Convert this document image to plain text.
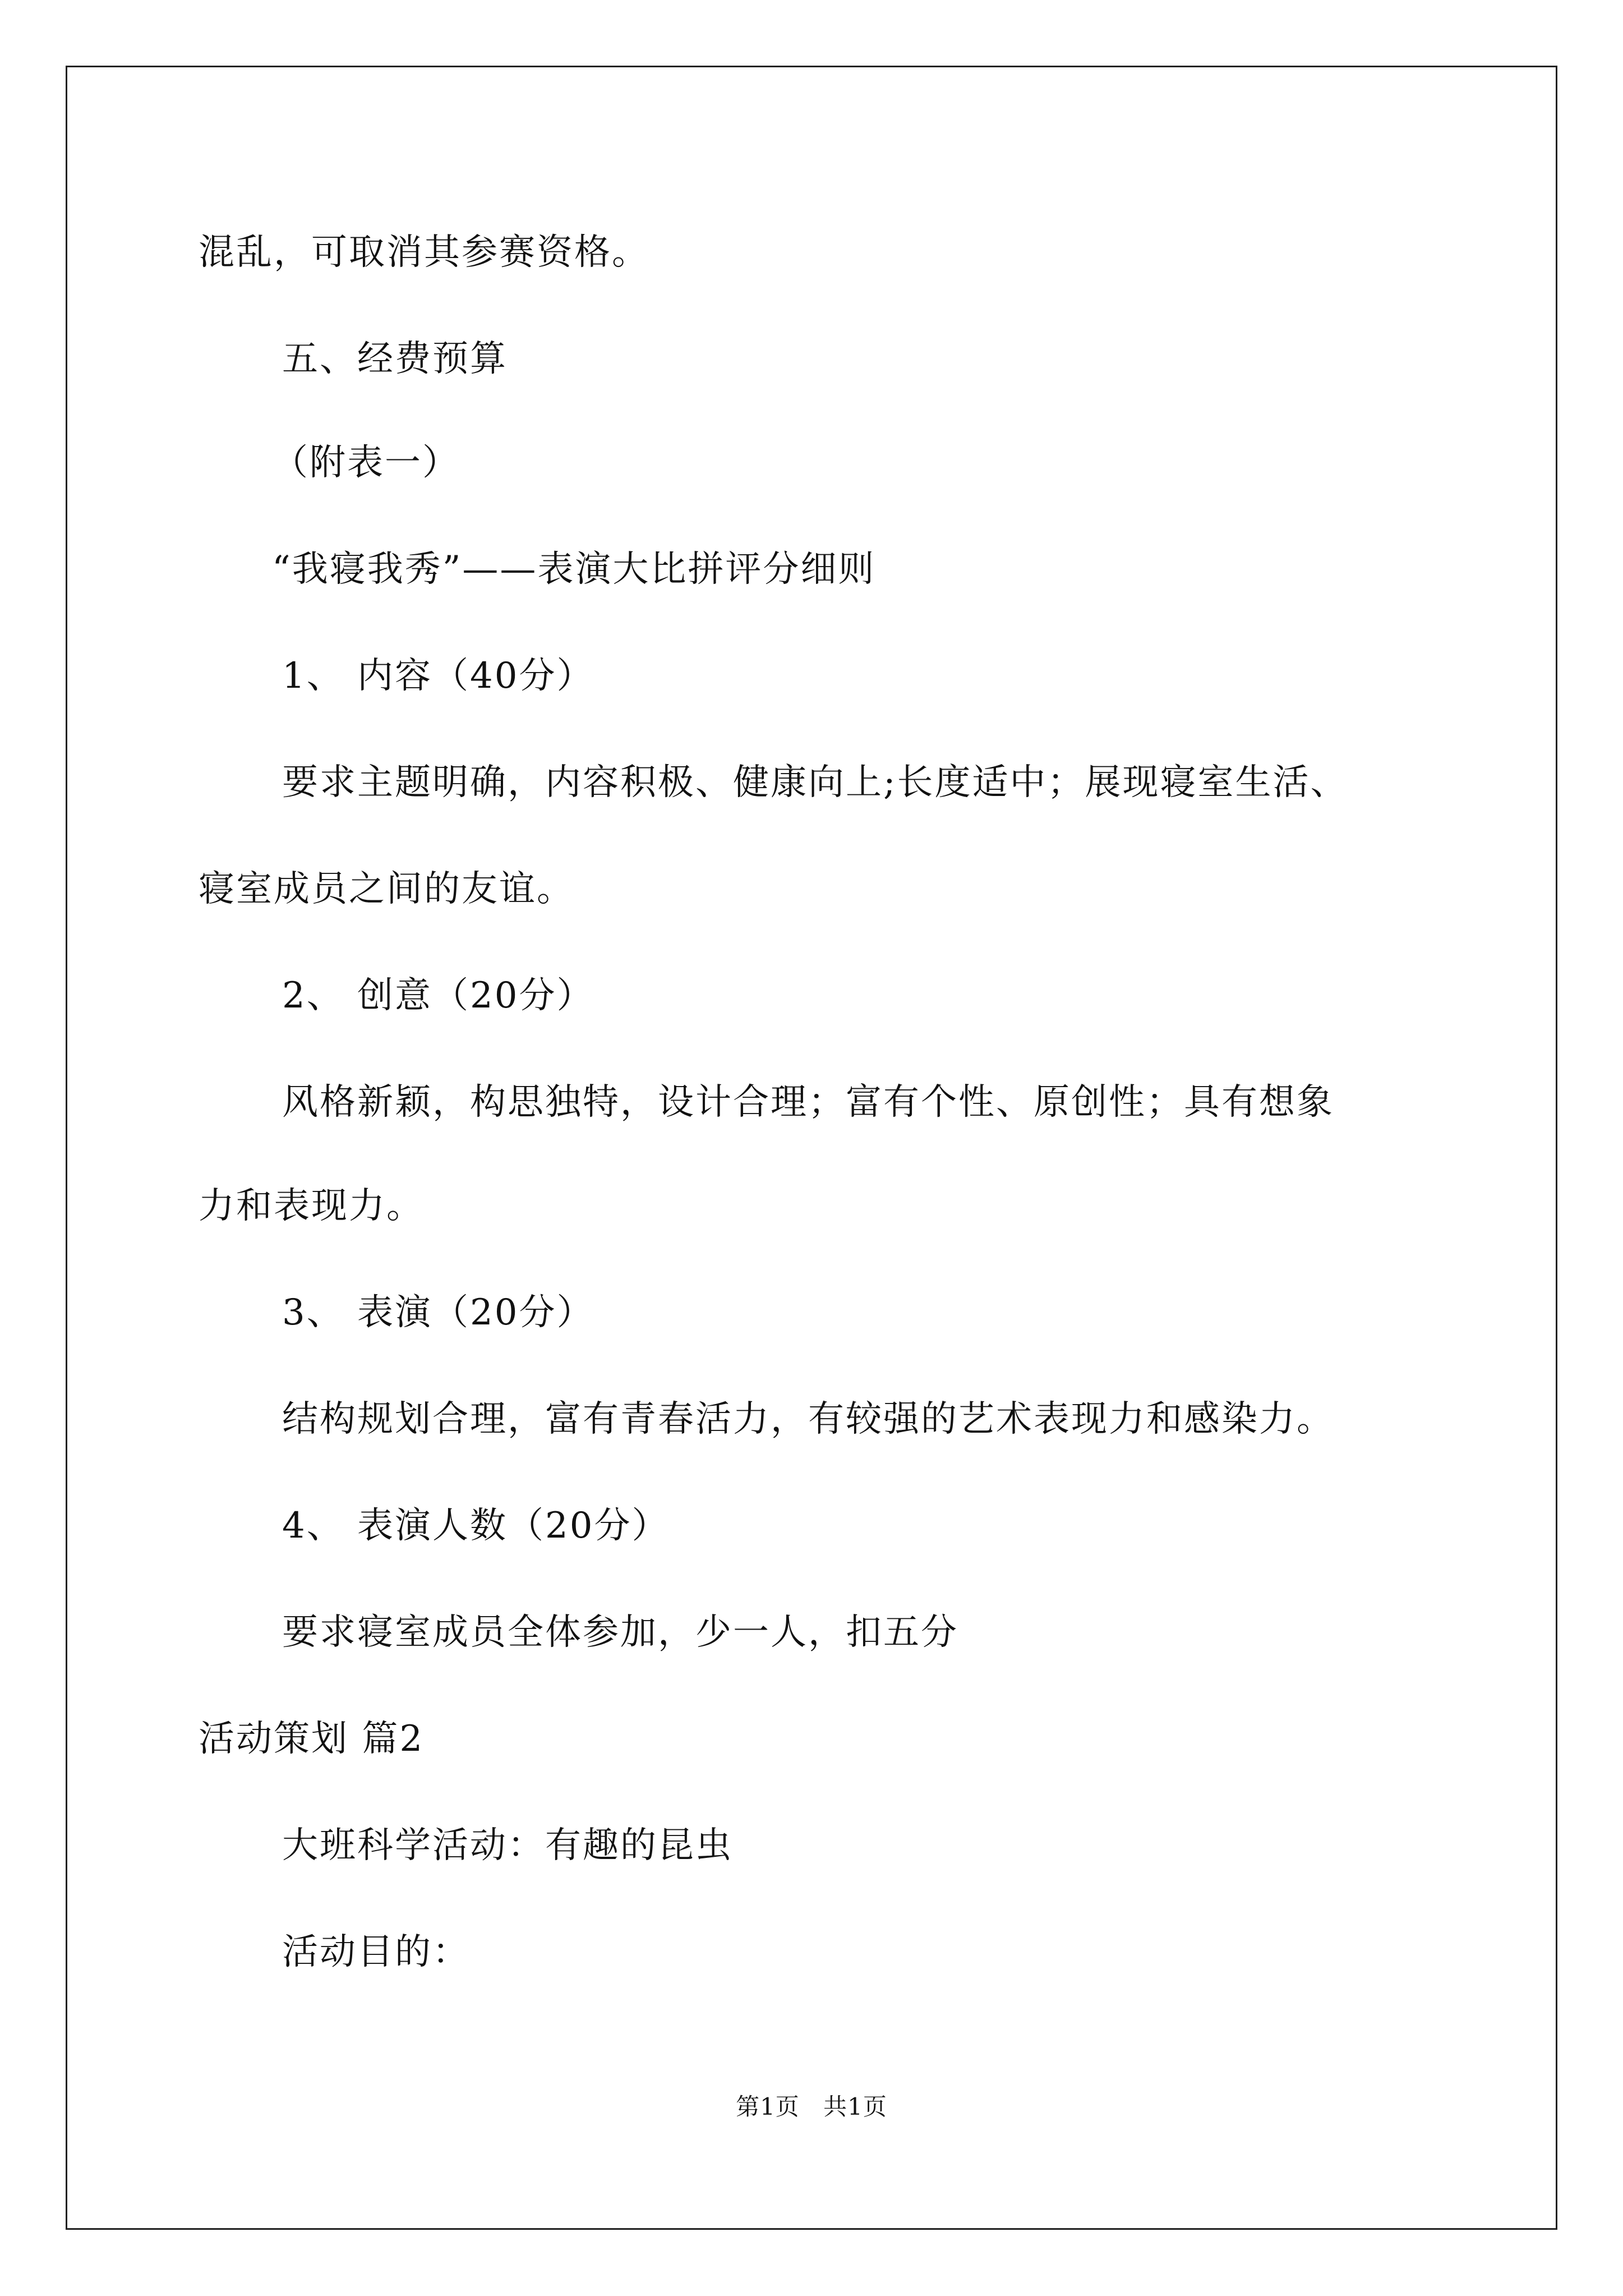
混乱，可取消其参赛资格。
五、经费预算
（附表一）
“我寝我秀”——表演大比拼评分细则
1、 内容（40分）
要求主题明确，内容积极、健康向上;长度适中；展现寝室生活、
寝室成员之间的友谊。
2、 创意（20分）
风格新颖，构思独特，设计合理；富有个性、原创性；具有想象
力和表现力。
3、 表演（20分）
结构规划合理，富有青春活力，有较强的艺术表现力和感染力。
4、 表演人数（20分）
要求寝室成员全体参加，少一人，扣五分
活动策划 篇2
大班科学活动：有趣的昆虫
活动目的：
第1页 共1页
